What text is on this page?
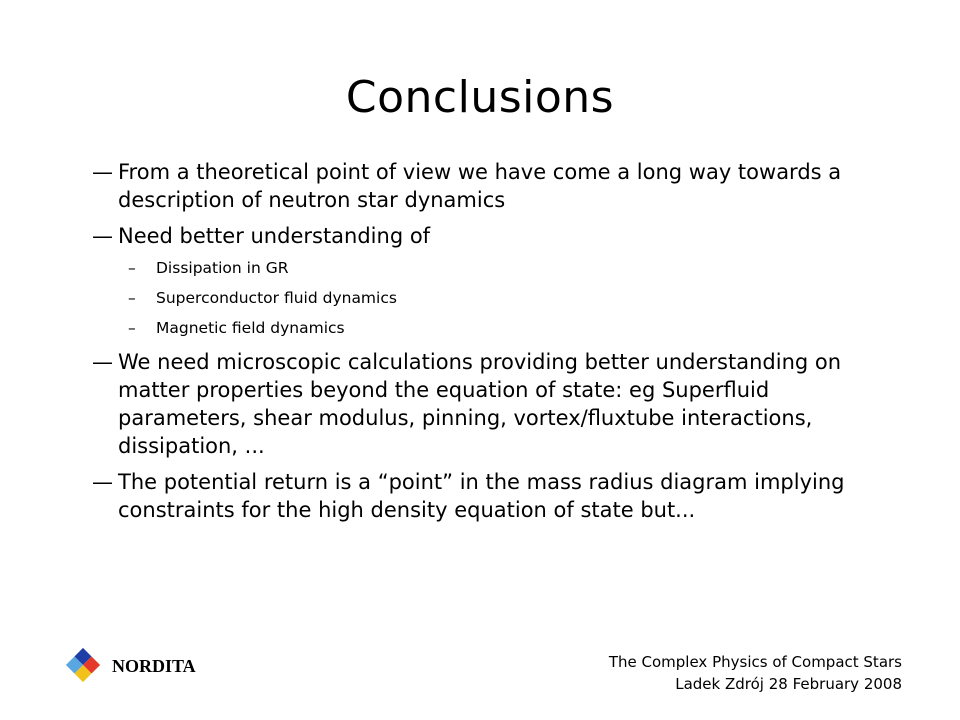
Conclusions
— From a theoretical point of view we have come a long way towards a description of neutron star dynamics
— Need better understanding of
– Dissipation in GR
– Superconductor fluid dynamics
– Magnetic field dynamics
— We need microscopic calculations providing better understanding on matter properties beyond the equation of state: eg Superfluid parameters, shear modulus, pinning, vortex/fluxtube interactions, dissipation, ...
— The potential return is a “point” in the mass radius diagram implying constraints for the high density equation of state but...
NORDITA	The Complex Physics of Compact Stars
Ladek Zdrój 28 February 2008
